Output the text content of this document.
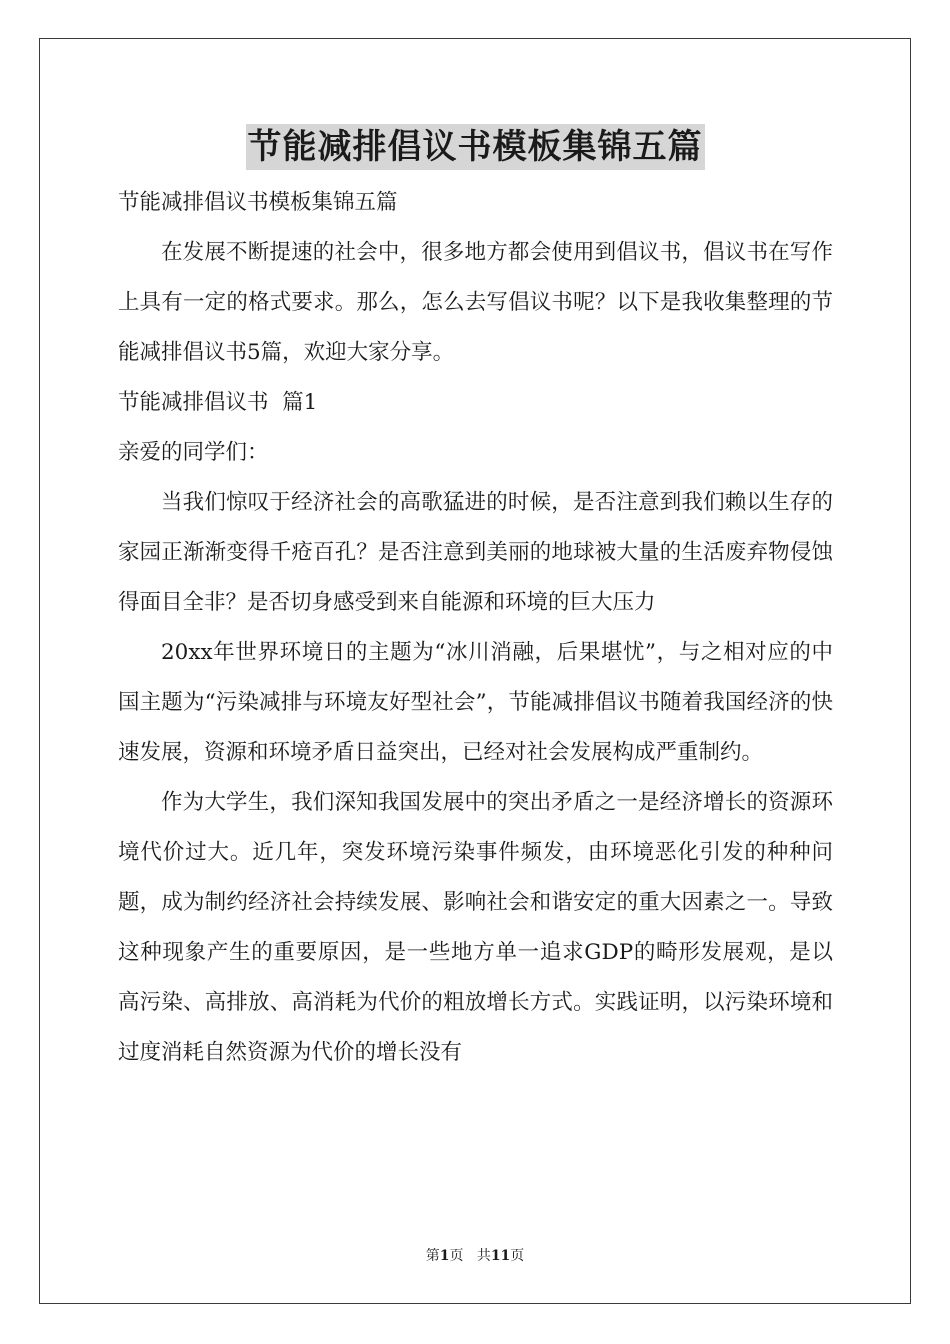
节能减排倡议书模板集锦五篇

节能减排倡议书模板集锦五篇

在发展不断提速的社会中，很多地方都会使用到倡议书，倡议书在写作上具有一定的格式要求。那么，怎么去写倡议书呢？以下是我收集整理的节能减排倡议书5篇，欢迎大家分享。

节能减排倡议书  篇1

亲爱的同学们：

当我们惊叹于经济社会的高歌猛进的时候，是否注意到我们赖以生存的家园正渐渐变得千疮百孔？是否注意到美丽的地球被大量的生活废弃物侵蚀得面目全非？是否切身感受到来自能源和环境的巨大压力

20xx年世界环境日的主题为“冰川消融，后果堪忧”，与之相对应的中国主题为“污染减排与环境友好型社会”，节能减排倡议书随着我国经济的快速发展，资源和环境矛盾日益突出，已经对社会发展构成严重制约。

作为大学生，我们深知我国发展中的突出矛盾之一是经济增长的资源环境代价过大。近几年，突发环境污染事件频发，由环境恶化引发的种种问题，成为制约经济社会持续发展、影响社会和谐安定的重大因素之一。导致这种现象产生的重要原因，是一些地方单一追求GDP的畸形发展观，是以高污染、高排放、高消耗为代价的粗放增长方式。实践证明，以污染环境和过度消耗自然资源为代价的增长没有

第1页 共11页
